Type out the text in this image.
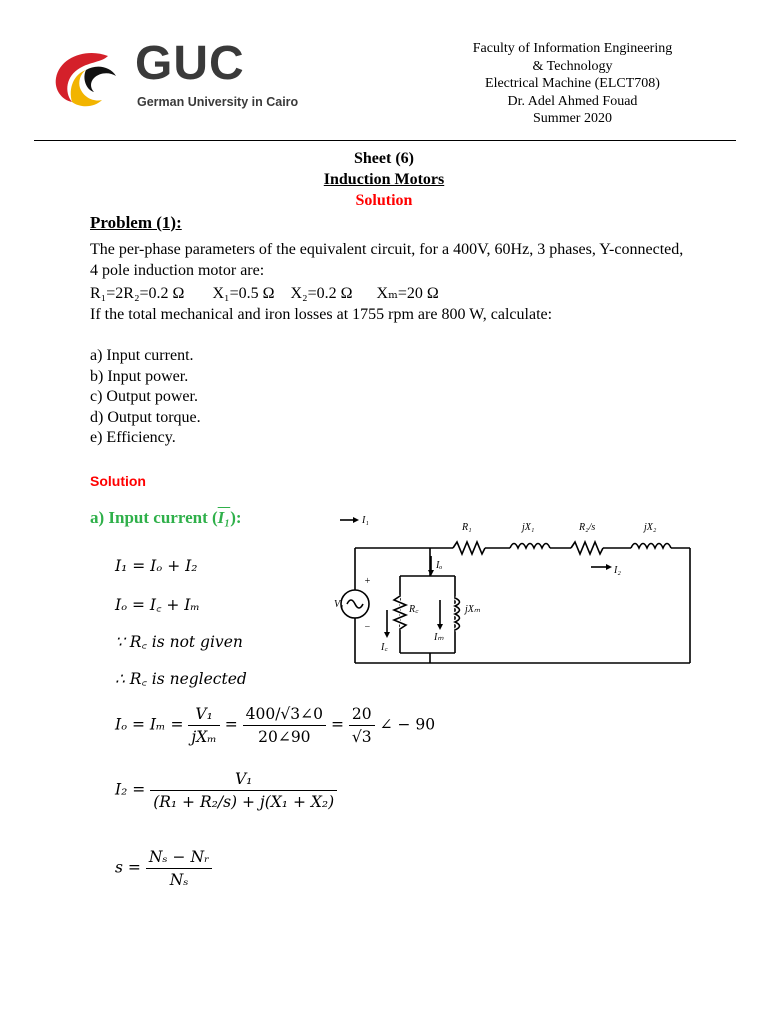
GUC
German University in Cairo
Faculty of Information Engineering
& Technology
Electrical Machine (ELCT708)
Dr. Adel Ahmed Fouad
Summer 2020
Sheet (6)
Induction Motors
Solution
Problem (1):
The per-phase parameters of the equivalent circuit, for a 400V, 60Hz, 3 phases, Y-connected, 4 pole induction motor are:
R₁=2R₂=0.2 Ω X₁=0.5 Ω X₂=0.2 Ω Xₘ=20 Ω
If the total mechanical and iron losses at 1755 rpm are 800 W, calculate:
a) Input current.
b) Input power.
c) Output power.
d) Output torque.
e) Efficiency.
Solution
a) Input current (I₁):
I₁ = Iₒ + I₂
Iₒ = I꜀ + Iₘ
∵ R꜀ is not given
∴ R꜀ is neglected
$I_o = I_m = \frac{\text{V₁}}{\text{jXₘ}} = \frac{400/√3\angle 0}{20\angle 90} = \frac{20}{√3}$ ∠ − 90
$I_2 = \frac{\text{V₁}}{\text{(R₁ + R₂/s) + j(X₁ + X₂)}}$
$s = \frac{\text{Nₛ − Nᵣ}}{\text{Nₛ}}$
I₁
R₁	jX₁	R₂/s	jX₂
Iₒ	I₂
V₁
+
−
R꜀	jXₘ
I꜀
Iₘ
